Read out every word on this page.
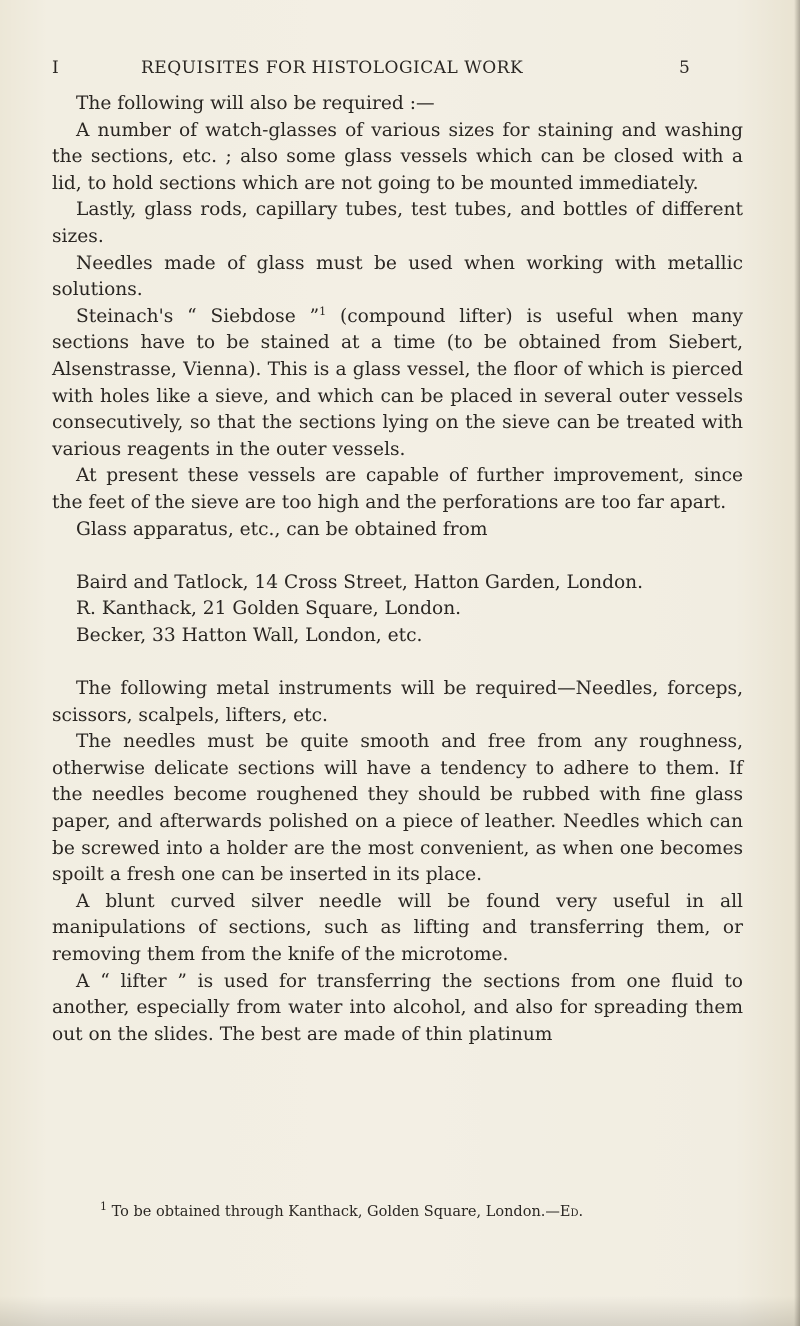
I	REQUISITES FOR HISTOLOGICAL WORK	5

The following will also be required :—

A number of watch-glasses of various sizes for staining and washing the sections, etc. ; also some glass vessels which can be closed with a lid, to hold sections which are not going to be mounted immediately.

Lastly, glass rods, capillary tubes, test tubes, and bottles of different sizes.

Needles made of glass must be used when working with metallic solutions.

Steinach's “ Siebdose ”$^1$ (compound lifter) is useful when many sections have to be stained at a time (to be obtained from Siebert, Alsenstrasse, Vienna). This is a glass vessel, the floor of which is pierced with holes like a sieve, and which can be placed in several outer vessels consecutively, so that the sections lying on the sieve can be treated with various reagents in the outer vessels.

At present these vessels are capable of further improvement, since the feet of the sieve are too high and the perforations are too far apart.

Glass apparatus, etc., can be obtained from

Baird and Tatlock, 14 Cross Street, Hatton Garden, London.
R. Kanthack, 21 Golden Square, London.
Becker, 33 Hatton Wall, London, etc.

The following metal instruments will be required—Needles, forceps, scissors, scalpels, lifters, etc.

The needles must be quite smooth and free from any roughness, otherwise delicate sections will have a tendency to adhere to them. If the needles become roughened they should be rubbed with fine glass paper, and afterwards polished on a piece of leather. Needles which can be screwed into a holder are the most convenient, as when one becomes spoilt a fresh one can be inserted in its place.

A blunt curved silver needle will be found very useful in all manipulations of sections, such as lifting and transferring them, or removing them from the knife of the microtome.

A “ lifter ” is used for transferring the sections from one fluid to another, especially from water into alcohol, and also for spreading them out on the slides. The best are made of thin platinum

$^1$ To be obtained through Kanthack, Golden Square, London.—Ed.
